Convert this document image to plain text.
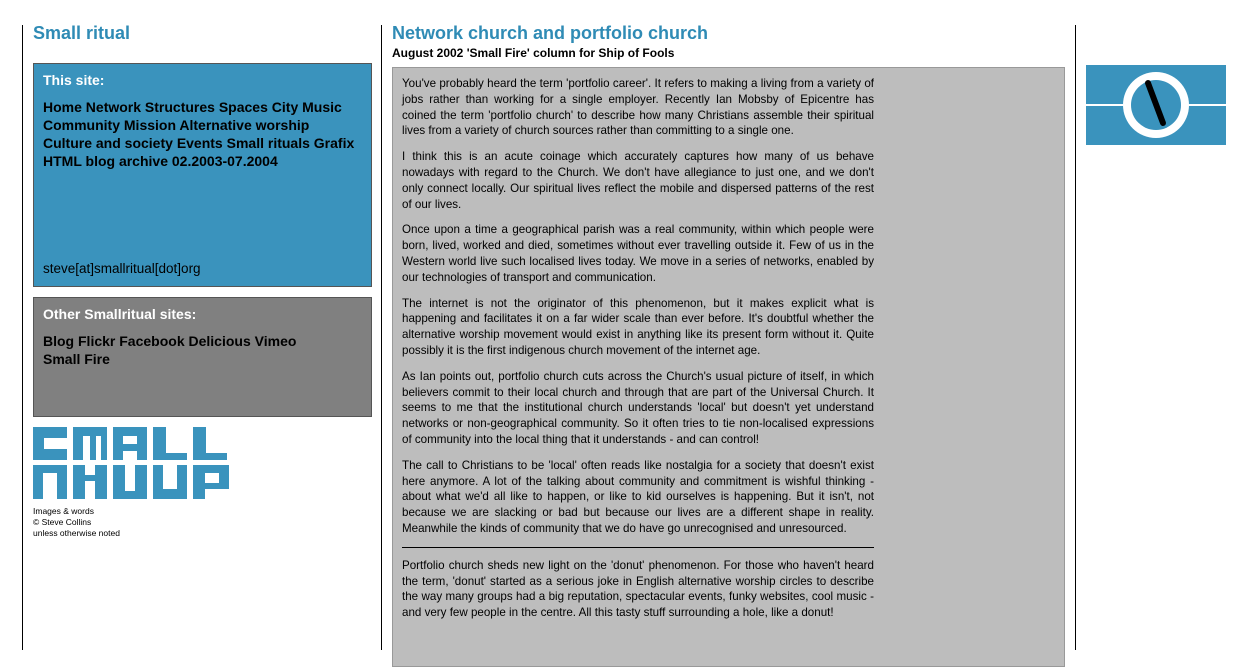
Small ritual
This site:
Home Network Structures Spaces City Music Community Mission Alternative worship Culture and society Events Small rituals Grafix HTML blog archive 02.2003-07.2004
steve[at]smallritual[dot]org
Other Smallritual sites:
Blog Flickr Facebook Delicious Vimeo
Small Fire
Images & words
© Steve Collins
unless otherwise noted
Network church and portfolio church
August 2002 'Small Fire' column for Ship of Fools

You've probably heard the term 'portfolio career'. It refers to making a living from a variety of jobs rather than working for a single employer. Recently Ian Mobsby of Epicentre has coined the term 'portfolio church' to describe how many Christians assemble their spiritual lives from a variety of church sources rather than committing to a single one.

I think this is an acute coinage which accurately captures how many of us behave nowadays with regard to the Church. We don't have allegiance to just one, and we don't only connect locally. Our spiritual lives reflect the mobile and dispersed patterns of the rest of our lives.

Once upon a time a geographical parish was a real community, within which people were born, lived, worked and died, sometimes without ever travelling outside it. Few of us in the Western world live such localised lives today. We move in a series of networks, enabled by our technologies of transport and communication.

The internet is not the originator of this phenomenon, but it makes explicit what is happening and facilitates it on a far wider scale than ever before. It's doubtful whether the alternative worship movement would exist in anything like its present form without it. Quite possibly it is the first indigenous church movement of the internet age.

As Ian points out, portfolio church cuts across the Church's usual picture of itself, in which believers commit to their local church and through that are part of the Universal Church. It seems to me that the institutional church understands 'local' but doesn't yet understand networks or non-geographical community. So it often tries to tie non-localised expressions of community into the local thing that it understands - and can control!

The call to Christians to be 'local' often reads like nostalgia for a society that doesn't exist here anymore. A lot of the talking about community and commitment is wishful thinking - about what we'd all like to happen, or like to kid ourselves is happening. But it isn't, not because we are slacking or bad but because our lives are a different shape in reality. Meanwhile the kinds of community that we do have go unrecognised and unresourced.

Portfolio church sheds new light on the 'donut' phenomenon. For those who haven't heard the term, 'donut' started as a serious joke in English alternative worship circles to describe the way many groups had a big reputation, spectacular events, funky websites, cool music - and very few people in the centre. All this tasty stuff surrounding a hole, like a donut!
